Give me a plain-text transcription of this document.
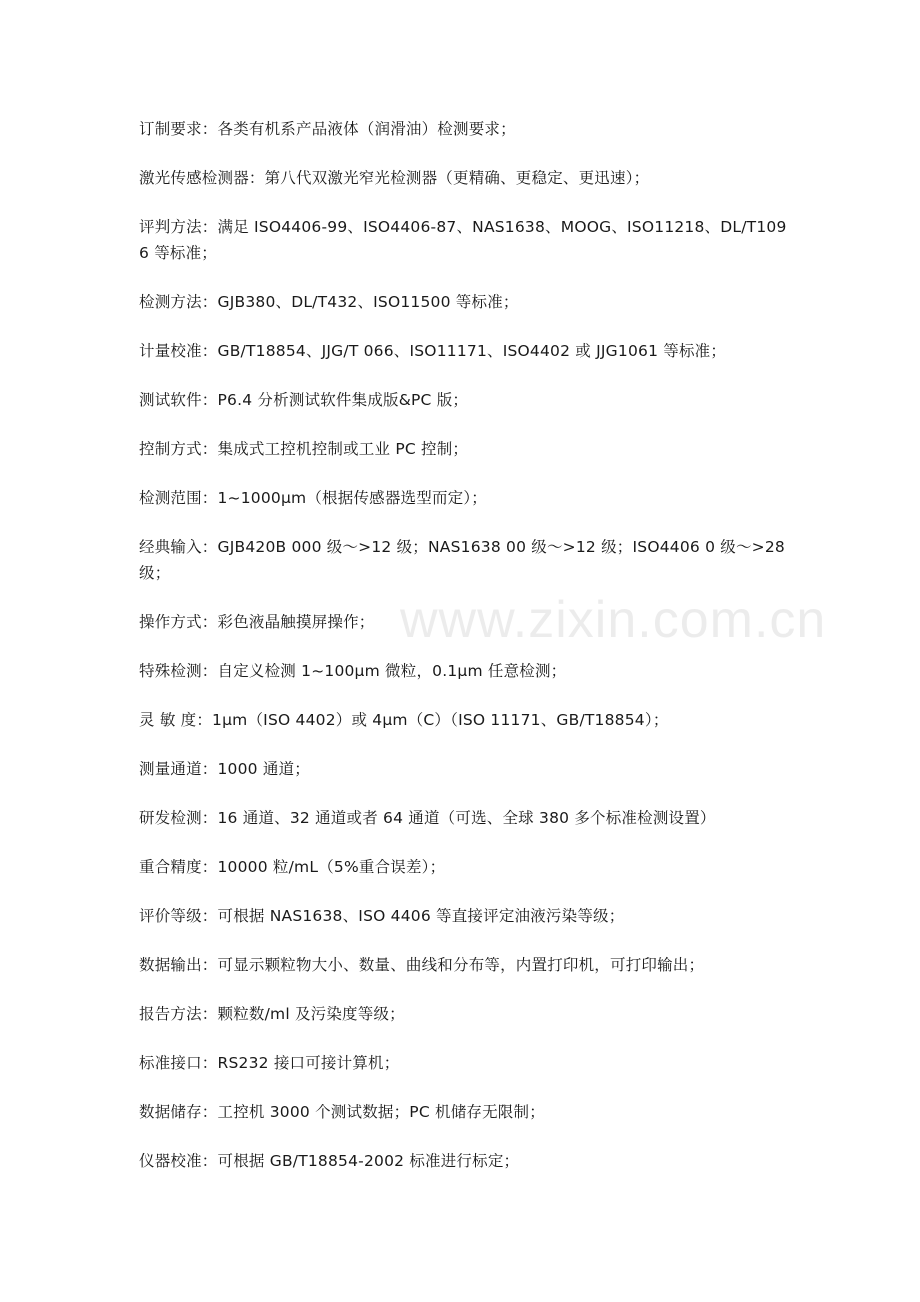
www.zixin.com.cn
订制要求：各类有机系产品液体（润滑油）检测要求；
激光传感检测器：第八代双激光窄光检测器（更精确、更稳定、更迅速）；
评判方法：满足 ISO4406-99、ISO4406-87、NAS1638、MOOG、ISO11218、DL/T1096 等标准；
检测方法：GJB380、DL/T432、ISO11500 等标准；
计量校准：GB/T18854、JJG/T 066、ISO11171、ISO4402 或 JJG1061 等标准；
测试软件：P6.4 分析测试软件集成版&PC 版；
控制方式：集成式工控机控制或工业 PC 控制；
检测范围：1~1000μm（根据传感器选型而定）；
经典输入：GJB420B 000 级～>12 级；NAS1638 00 级～>12 级；ISO4406 0 级～>28 级；
操作方式：彩色液晶触摸屏操作；
特殊检测：自定义检测 1~100μm 微粒，0.1μm 任意检测；
灵 敏 度：1μm（ISO 4402）或 4μm（C）（ISO 11171、GB/T18854）；
测量通道：1000 通道；
研发检测：16 通道、32 通道或者 64 通道（可选、全球 380 多个标准检测设置）
重合精度：10000 粒/mL（5%重合误差）；
评价等级：可根据 NAS1638、ISO 4406 等直接评定油液污染等级；
数据输出：可显示颗粒物大小、数量、曲线和分布等，内置打印机，可打印输出；
报告方法：颗粒数/ml 及污染度等级；
标准接口：RS232 接口可接计算机；
数据储存：工控机 3000 个测试数据；PC 机储存无限制；
仪器校准：可根据 GB/T18854-2002 标准进行标定；
